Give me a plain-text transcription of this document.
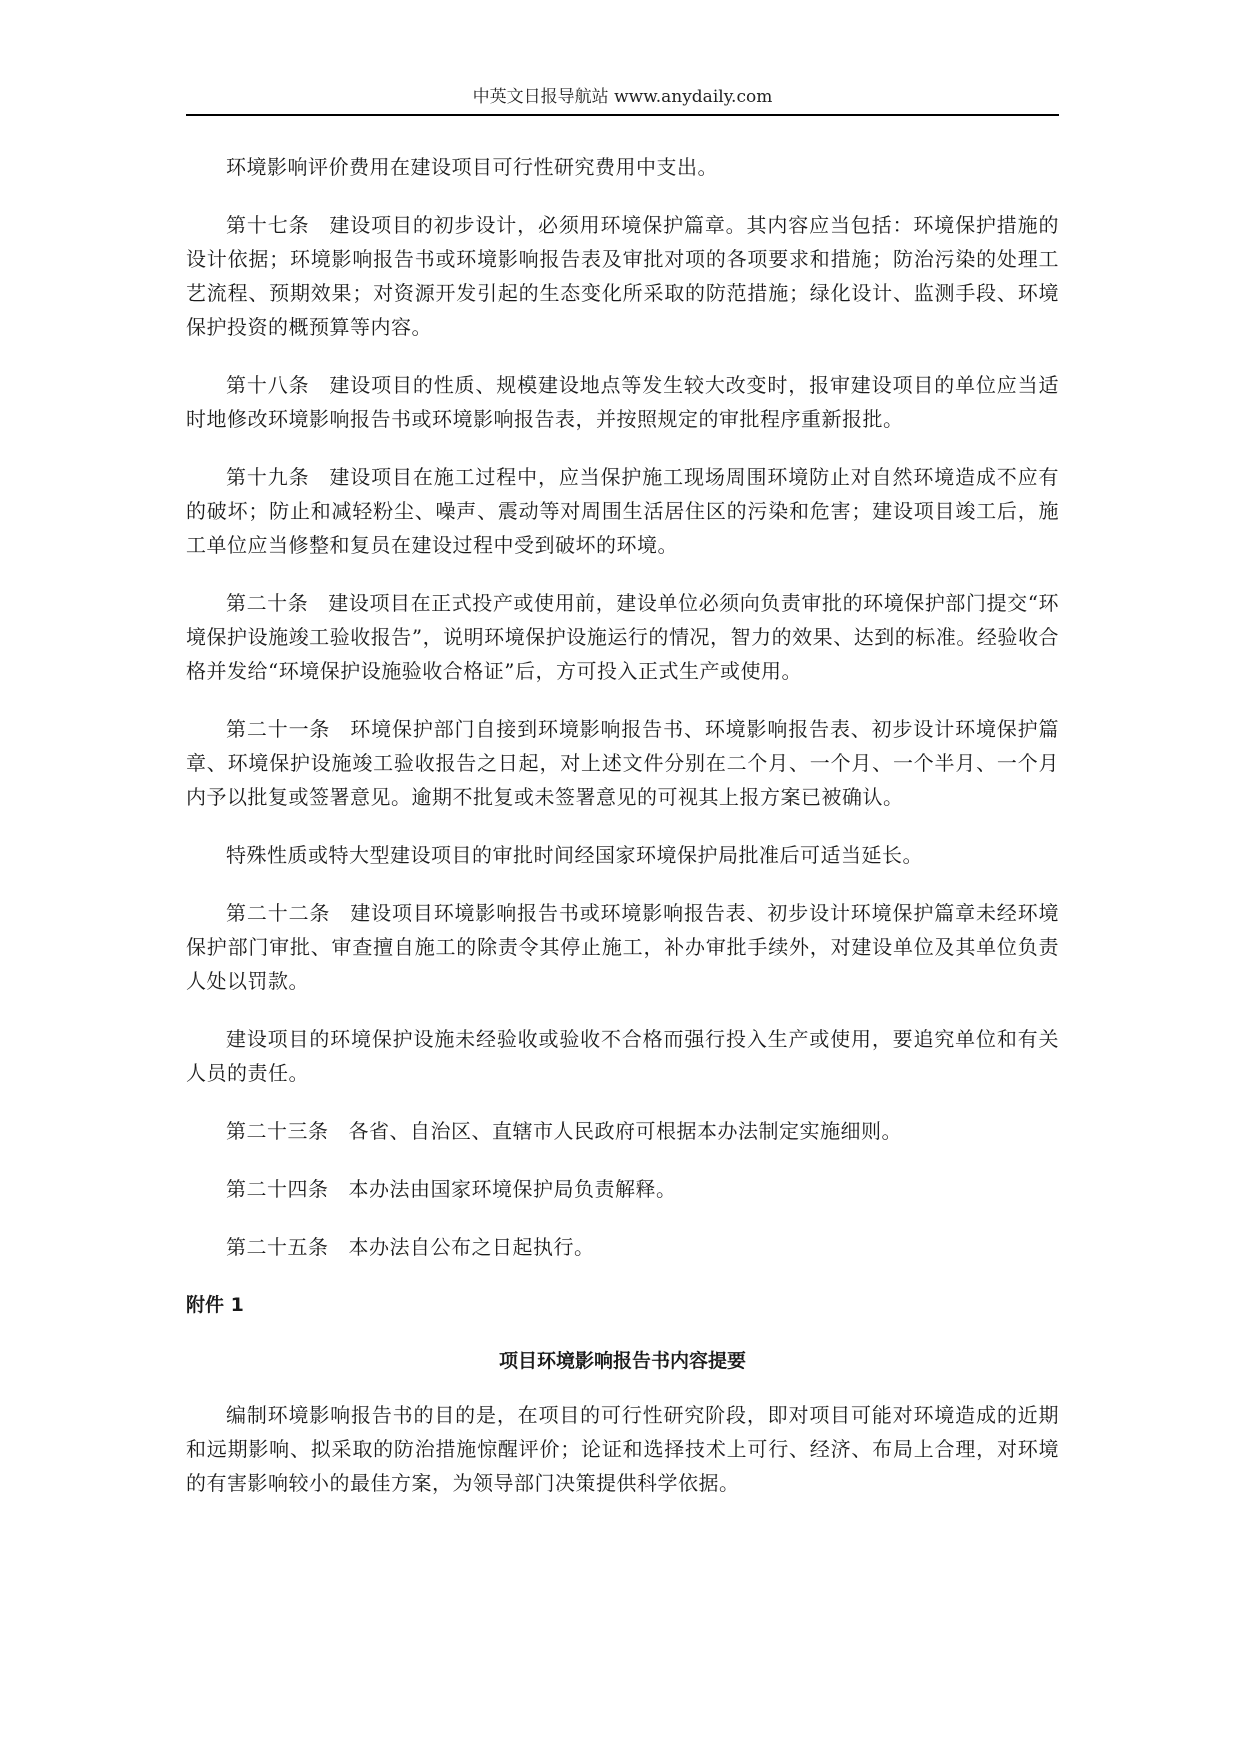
中英文日报导航站 www.anydaily.com

环境影响评价费用在建设项目可行性研究费用中支出。

第十七条 建设项目的初步设计，必须用环境保护篇章。其内容应当包括：环境保护措施的设计依据；环境影响报告书或环境影响报告表及审批对项的各项要求和措施；防治污染的处理工艺流程、预期效果；对资源开发引起的生态变化所采取的防范措施；绿化设计、监测手段、环境保护投资的概预算等内容。

第十八条 建设项目的性质、规模建设地点等发生较大改变时，报审建设项目的单位应当适时地修改环境影响报告书或环境影响报告表，并按照规定的审批程序重新报批。

第十九条 建设项目在施工过程中，应当保护施工现场周围环境防止对自然环境造成不应有的破坏；防止和减轻粉尘、噪声、震动等对周围生活居住区的污染和危害；建设项目竣工后，施工单位应当修整和复员在建设过程中受到破坏的环境。

第二十条 建设项目在正式投产或使用前，建设单位必须向负责审批的环境保护部门提交“环境保护设施竣工验收报告”，说明环境保护设施运行的情况，智力的效果、达到的标准。经验收合格并发给“环境保护设施验收合格证”后，方可投入正式生产或使用。

第二十一条 环境保护部门自接到环境影响报告书、环境影响报告表、初步设计环境保护篇章、环境保护设施竣工验收报告之日起，对上述文件分别在二个月、一个月、一个半月、一个月内予以批复或签署意见。逾期不批复或未签署意见的可视其上报方案已被确认。

特殊性质或特大型建设项目的审批时间经国家环境保护局批准后可适当延长。

第二十二条 建设项目环境影响报告书或环境影响报告表、初步设计环境保护篇章未经环境保护部门审批、审查擅自施工的除责令其停止施工，补办审批手续外，对建设单位及其单位负责人处以罚款。

建设项目的环境保护设施未经验收或验收不合格而强行投入生产或使用，要追究单位和有关人员的责任。

第二十三条 各省、自治区、直辖市人民政府可根据本办法制定实施细则。

第二十四条 本办法由国家环境保护局负责解释。

第二十五条 本办法自公布之日起执行。

附件 1
项目环境影响报告书内容提要

编制环境影响报告书的目的是，在项目的可行性研究阶段，即对项目可能对环境造成的近期和远期影响、拟采取的防治措施惊醒评价；论证和选择技术上可行、经济、布局上合理，对环境的有害影响较小的最佳方案，为领导部门决策提供科学依据。
